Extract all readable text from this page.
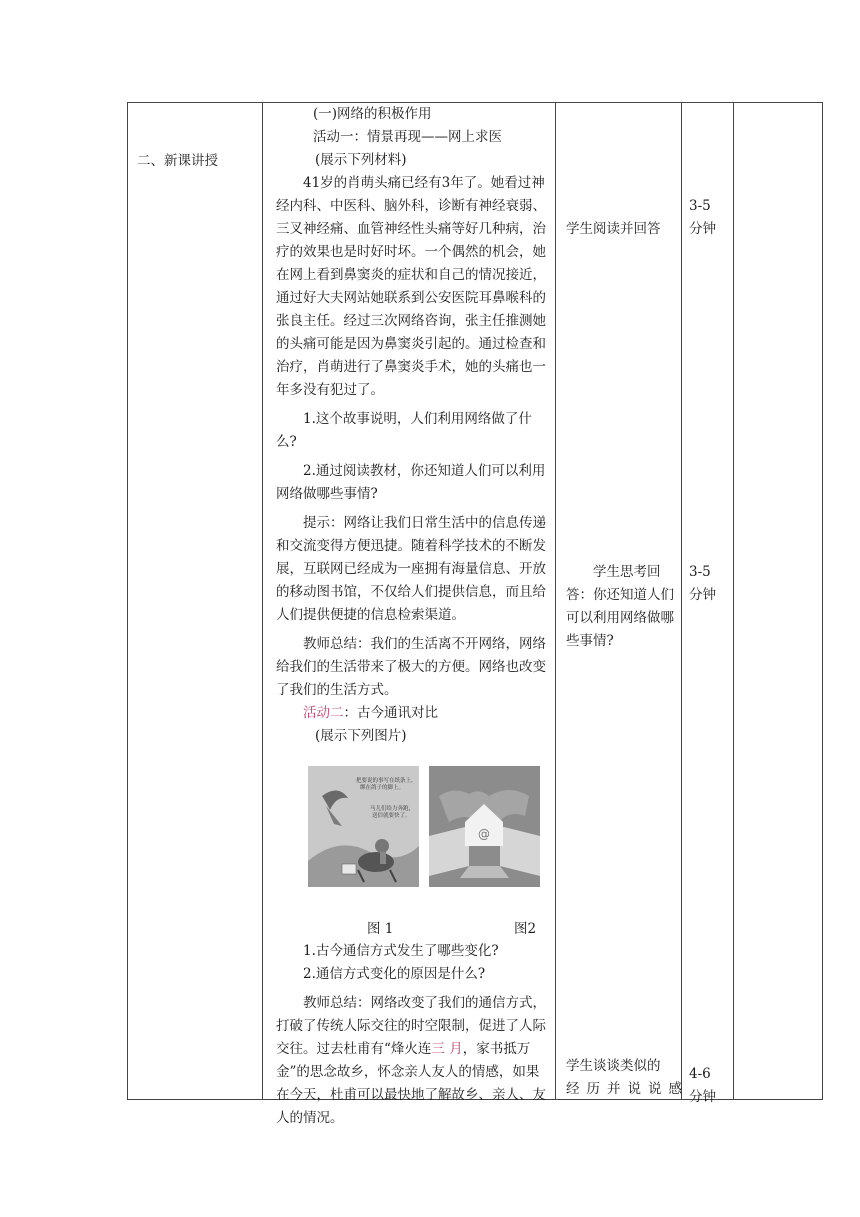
二、新课讲授

(一)网络的积极作用

活动一：情景再现——网上求医

(展示下列材料)

41岁的肖萌头痛已经有3年了。她看过神经内科、中医科、脑外科，诊断有神经衰弱、三叉神经痛、血管神经性头痛等好几种病，治疗的效果也是时好时坏。一个偶然的机会，她在网上看到鼻窦炎的症状和自己的情况接近，通过好大夫网站她联系到公安医院耳鼻喉科的张良主任。经过三次网络咨询，张主任推测她的头痛可能是因为鼻窦炎引起的。通过检查和治疗，肖萌进行了鼻窦炎手术，她的头痛也一年多没有犯过了。

1.这个故事说明，人们利用网络做了什么?

2.通过阅读教材，你还知道人们可以利用网络做哪些事情?

提示：网络让我们日常生活中的信息传递和交流变得方便迅捷。随着科学技术的不断发展，互联网已经成为一座拥有海量信息、开放的移动图书馆，不仅给人们提供信息，而且给人们提供便捷的信息检索渠道。

教师总结：我们的生活离不开网络，网络给我们的生活带来了极大的方便。网络也改变了我们的生活方式。

活动二：古今通讯对比

(展示下列图片)

把要说的事写在纸条上，
绑在鸽子的脚上。
马儿们给力奔跑，
送信就要快了。
@
图 1	图2

1.古今通信方式发生了哪些变化?

2.通信方式变化的原因是什么?

教师总结：网络改变了我们的通信方式，打破了传统人际交往的时空限制，促进了人际交往。过去杜甫有“烽火连三 月，家书抵万金”的思念故乡，怀念亲人友人的情感，如果在今天，杜甫可以最快地了解故乡、亲人、友人的情况。

学生阅读并回答
学生思考回答：你还知道人们可以利用网络做哪些事情?
学生谈谈类似的
经历并说说感
3-5
分钟
3-5
分钟
4-6
分钟
